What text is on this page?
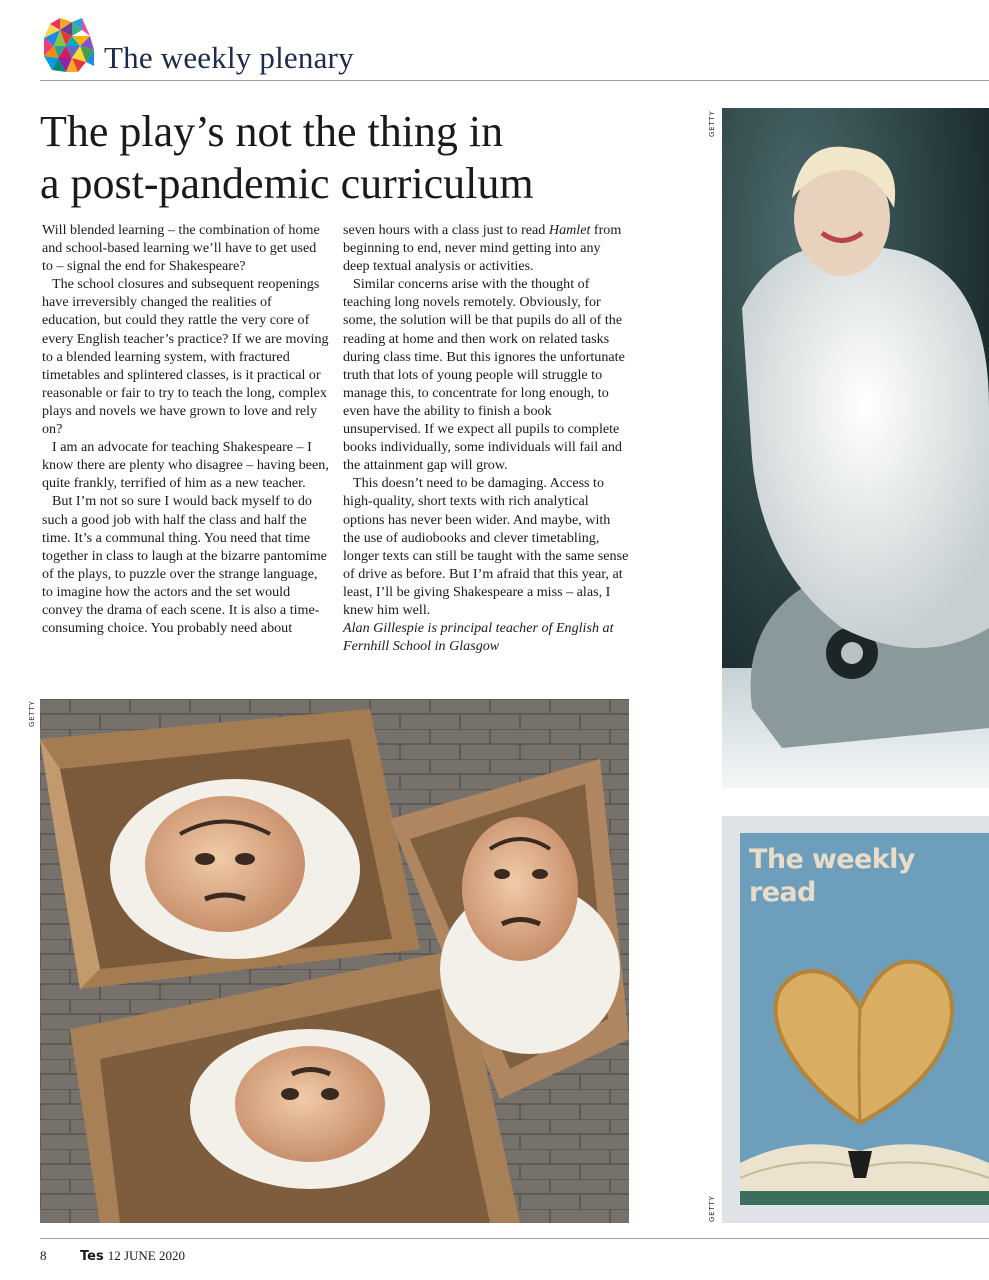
The weekly plenary
The play’s not the thing in
a post-pandemic curriculum

Will blended learning – the combination of home and school-based learning we’ll have to get used to – signal the end for Shakespeare?

The school closures and subsequent reopenings have irreversibly changed the realities of education, but could they rattle the very core of every English teacher’s practice? If we are moving to a blended learning system, with fractured timetables and splintered classes, is it practical or reasonable or fair to try to teach the long, complex plays and novels we have grown to love and rely on?

I am an advocate for teaching Shakespeare – I know there are plenty who disagree – having been, quite frankly, terrified of him as a new teacher.

But I’m not so sure I would back myself to do such a good job with half the class and half the time. It’s a communal thing. You need that time together in class to laugh at the bizarre pantomime of the plays, to puzzle over the strange language, to imagine how the actors and the set would convey the drama of each scene. It is also a time-consuming choice. You probably need about

seven hours with a class just to read Hamlet from beginning to end, never mind getting into any deep textual analysis or activities.

Similar concerns arise with the thought of teaching long novels remotely. Obviously, for some, the solution will be that pupils do all of the reading at home and then work on related tasks during class time. But this ignores the unfortunate truth that lots of young people will struggle to manage this, to concentrate for long enough, to even have the ability to finish a book unsupervised. If we expect all pupils to complete books individually, some individuals will fail and the attainment gap will grow.

This doesn’t need to be damaging. Access to high-quality, short texts with rich analytical options has never been wider. And maybe, with the use of audiobooks and clever timetabling, longer texts can still be taught with the same sense of drive as before. But I’m afraid that this year, at least, I’ll be giving Shakespeare a miss – alas, I knew him well.

Alan Gillespie is principal teacher of English at Fernhill School in Glasgow

GETTY
GETTY
GETTY
The weekly
read
8	Tes 12 JUNE 2020
